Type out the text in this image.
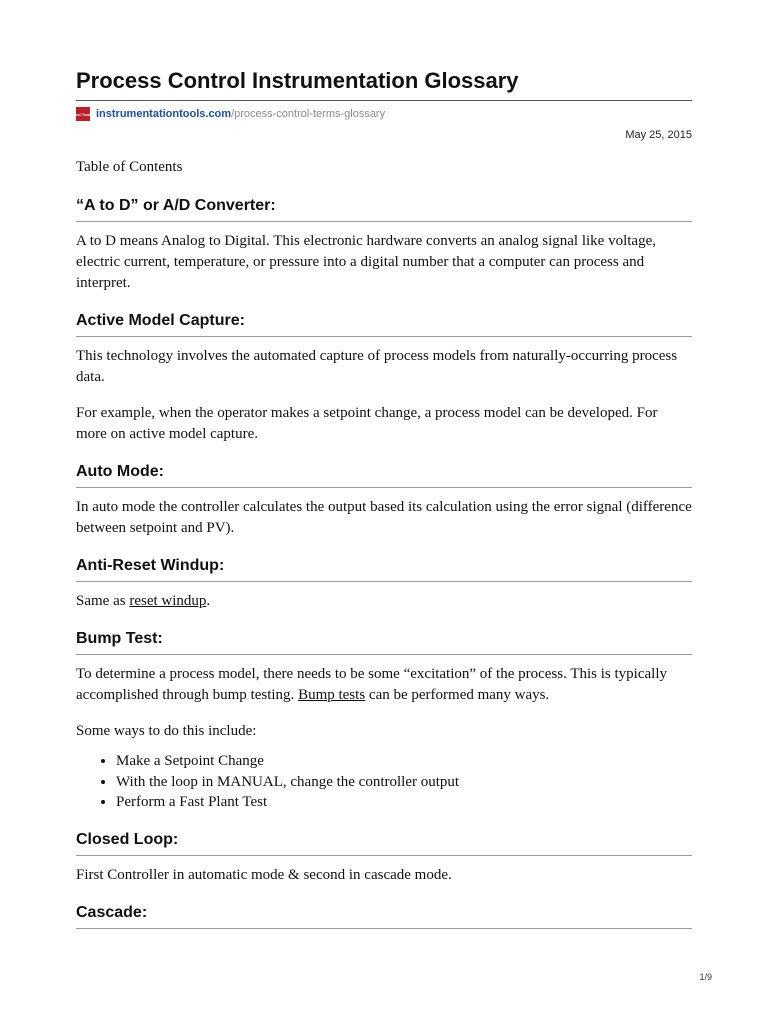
Process Control Instrumentation Glossary
Inst Tools instrumentationtools.com /process-control-terms-glossary
May 25, 2015

Table of Contents

“A to D” or A/D Converter:

A to D means Analog to Digital. This electronic hardware converts an analog signal like voltage, electric current, temperature, or pressure into a digital number that a computer can process and interpret.

Active Model Capture:

This technology involves the automated capture of process models from naturally-occurring process data.

For example, when the operator makes a setpoint change, a process model can be developed. For more on active model capture.

Auto Mode:

In auto mode the controller calculates the output based its calculation using the error signal (difference between setpoint and PV).

Anti-Reset Windup:

Same as reset windup.

Bump Test:

To determine a process model, there needs to be some “excitation” of the process. This is typically accomplished through bump testing. Bump tests can be performed many ways.

Some ways to do this include:

• Make a Setpoint Change
• With the loop in MANUAL, change the controller output
• Perform a Fast Plant Test
Closed Loop:

First Controller in automatic mode & second in cascade mode.

Cascade:
1/9
